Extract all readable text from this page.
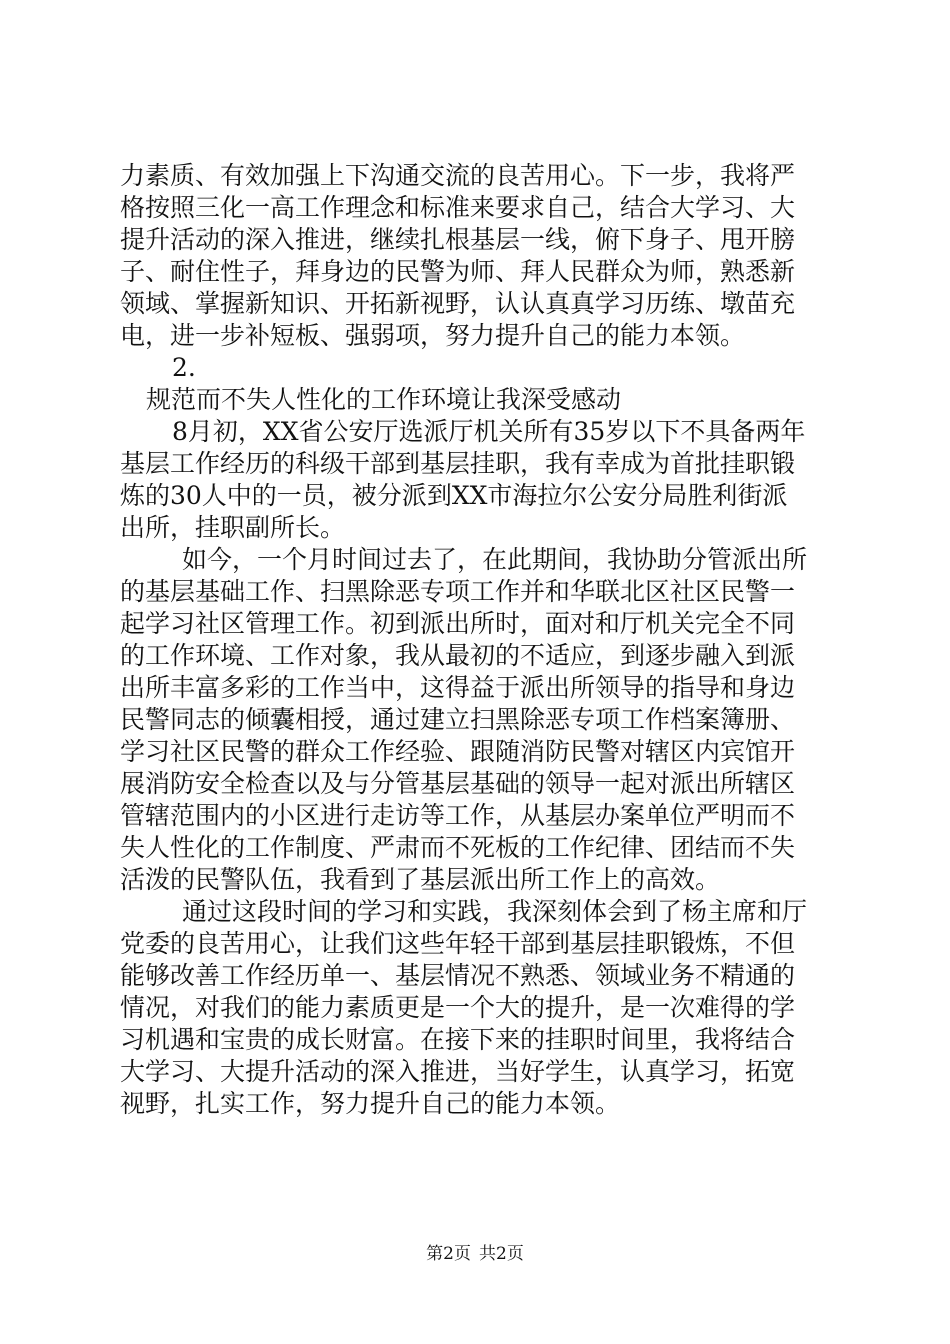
力素质、有效加强上下沟通交流的良苦用心。下一步，我将严
格按照三化一高工作理念和标准来要求自己，结合大学习、大
提升活动的深入推进，继续扎根基层一线，俯下身子、甩开膀
子、耐住性子，拜身边的民警为师、拜人民群众为师，熟悉新
领域、掌握新知识、开拓新视野，认认真真学习历练、墩苗充
电，进一步补短板、强弱项，努力提升自己的能力本领。
2.
规范而不失人性化的工作环境让我深受感动
8月初，XX省公安厅选派厅机关所有35岁以下不具备两年
基层工作经历的科级干部到基层挂职，我有幸成为首批挂职锻
炼的30人中的一员，被分派到XX市海拉尔公安分局胜利街派
出所，挂职副所长。
如今，一个月时间过去了，在此期间，我协助分管派出所
的基层基础工作、扫黑除恶专项工作并和华联北区社区民警一
起学习社区管理工作。初到派出所时，面对和厅机关完全不同
的工作环境、工作对象，我从最初的不适应，到逐步融入到派
出所丰富多彩的工作当中，这得益于派出所领导的指导和身边
民警同志的倾囊相授，通过建立扫黑除恶专项工作档案簿册、
学习社区民警的群众工作经验、跟随消防民警对辖区内宾馆开
展消防安全检查以及与分管基层基础的领导一起对派出所辖区
管辖范围内的小区进行走访等工作，从基层办案单位严明而不
失人性化的工作制度、严肃而不死板的工作纪律、团结而不失
活泼的民警队伍，我看到了基层派出所工作上的高效。
通过这段时间的学习和实践，我深刻体会到了杨主席和厅
党委的良苦用心，让我们这些年轻干部到基层挂职锻炼，不但
能够改善工作经历单一、基层情况不熟悉、领域业务不精通的
情况，对我们的能力素质更是一个大的提升，是一次难得的学
习机遇和宝贵的成长财富。在接下来的挂职时间里，我将结合
大学习、大提升活动的深入推进，当好学生，认真学习，拓宽
视野，扎实工作，努力提升自己的能力本领。
第2页 共2页
